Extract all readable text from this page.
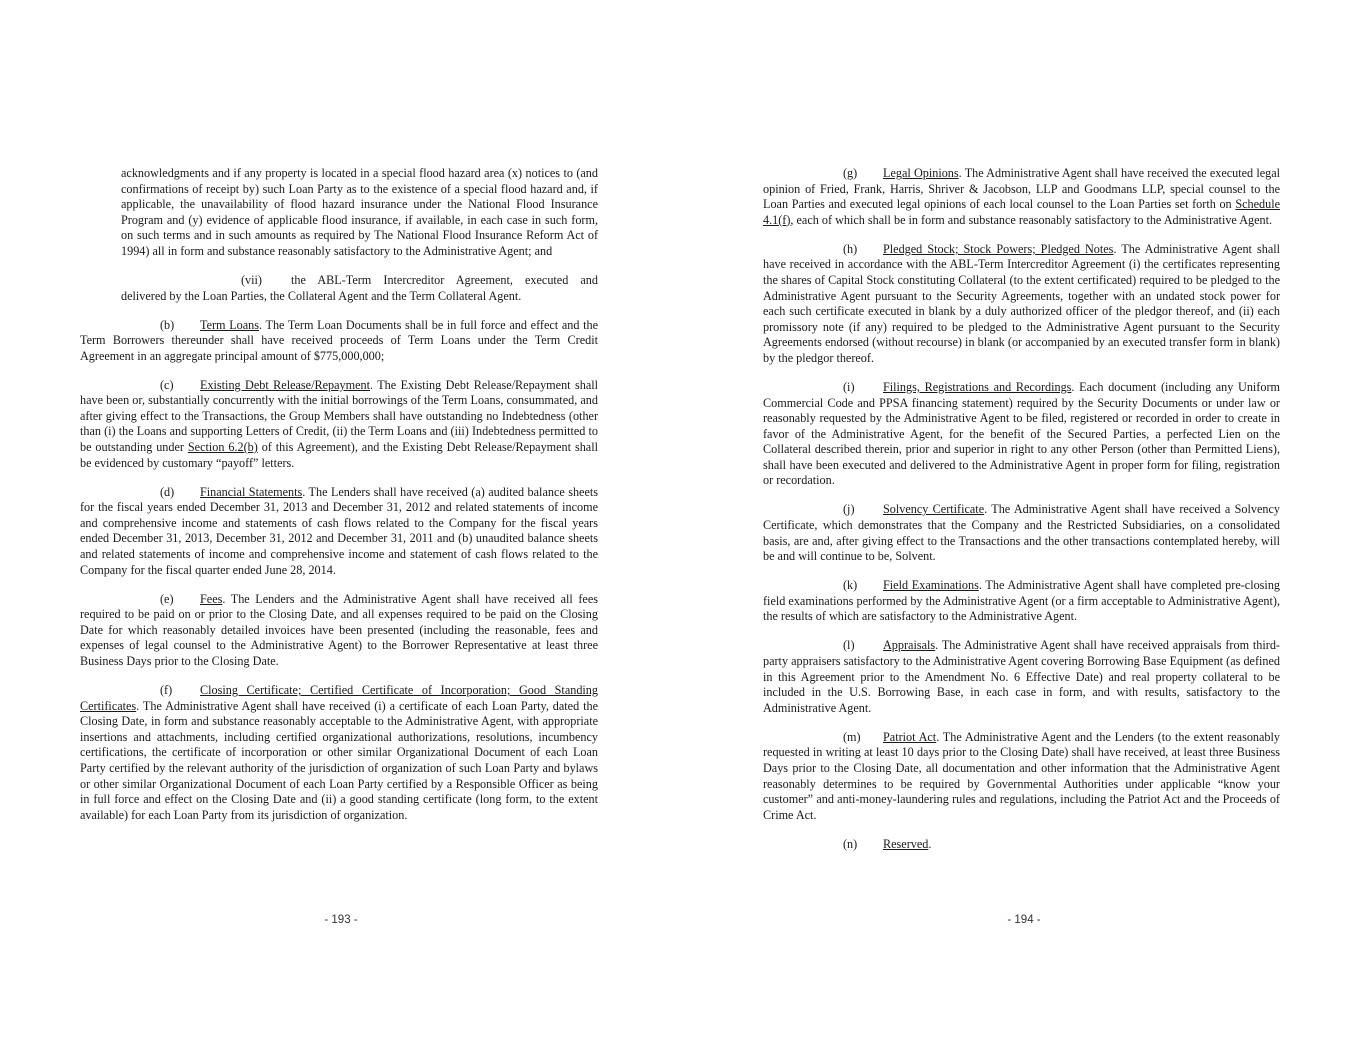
acknowledgments and if any property is located in a special flood hazard area (x) notices to (and confirmations of receipt by) such Loan Party as to the existence of a special flood hazard and, if applicable, the unavailability of flood hazard insurance under the National Flood Insurance Program and (y) evidence of applicable flood insurance, if available, in each case in such form, on such terms and in such amounts as required by The National Flood Insurance Reform Act of 1994) all in form and substance reasonably satisfactory to the Administrative Agent; and

(vii) the ABL-Term Intercreditor Agreement, executed and delivered by the Loan Parties, the Collateral Agent and the Term Collateral Agent.

(b) Term Loans. The Term Loan Documents shall be in full force and effect and the Term Borrowers thereunder shall have received proceeds of Term Loans under the Term Credit Agreement in an aggregate principal amount of $775,000,000;

(c) Existing Debt Release/Repayment. The Existing Debt Release/Repayment shall have been or, substantially concurrently with the initial borrowings of the Term Loans, consummated, and after giving effect to the Transactions, the Group Members shall have outstanding no Indebtedness (other than (i) the Loans and supporting Letters of Credit, (ii) the Term Loans and (iii) Indebtedness permitted to be outstanding under Section 6.2(b) of this Agreement), and the Existing Debt Release/Repayment shall be evidenced by customary “payoff” letters.

(d) Financial Statements. The Lenders shall have received (a) audited balance sheets for the fiscal years ended December 31, 2013 and December 31, 2012 and related statements of income and comprehensive income and statements of cash flows related to the Company for the fiscal years ended December 31, 2013, December 31, 2012 and December 31, 2011 and (b) unaudited balance sheets and related statements of income and comprehensive income and statement of cash flows related to the Company for the fiscal quarter ended June 28, 2014.

(e) Fees. The Lenders and the Administrative Agent shall have received all fees required to be paid on or prior to the Closing Date, and all expenses required to be paid on the Closing Date for which reasonably detailed invoices have been presented (including the reasonable, fees and expenses of legal counsel to the Administrative Agent) to the Borrower Representative at least three Business Days prior to the Closing Date.

(f) Closing Certificate; Certified Certificate of Incorporation; Good Standing Certificates. The Administrative Agent shall have received (i) a certificate of each Loan Party, dated the Closing Date, in form and substance reasonably acceptable to the Administrative Agent, with appropriate insertions and attachments, including certified organizational authorizations, resolutions, incumbency certifications, the certificate of incorporation or other similar Organizational Document of each Loan Party certified by the relevant authority of the jurisdiction of organization of such Loan Party and bylaws or other similar Organizational Document of each Loan Party certified by a Responsible Officer as being in full force and effect on the Closing Date and (ii) a good standing certificate (long form, to the extent available) for each Loan Party from its jurisdiction of organization.

- 193 -

(g) Legal Opinions. The Administrative Agent shall have received the executed legal opinion of Fried, Frank, Harris, Shriver & Jacobson, LLP and Goodmans LLP, special counsel to the Loan Parties and executed legal opinions of each local counsel to the Loan Parties set forth on Schedule 4.1(f), each of which shall be in form and substance reasonably satisfactory to the Administrative Agent.

(h) Pledged Stock; Stock Powers; Pledged Notes. The Administrative Agent shall have received in accordance with the ABL-Term Intercreditor Agreement (i) the certificates representing the shares of Capital Stock constituting Collateral (to the extent certificated) required to be pledged to the Administrative Agent pursuant to the Security Agreements, together with an undated stock power for each such certificate executed in blank by a duly authorized officer of the pledgor thereof, and (ii) each promissory note (if any) required to be pledged to the Administrative Agent pursuant to the Security Agreements endorsed (without recourse) in blank (or accompanied by an executed transfer form in blank) by the pledgor thereof.

(i) Filings, Registrations and Recordings. Each document (including any Uniform Commercial Code and PPSA financing statement) required by the Security Documents or under law or reasonably requested by the Administrative Agent to be filed, registered or recorded in order to create in favor of the Administrative Agent, for the benefit of the Secured Parties, a perfected Lien on the Collateral described therein, prior and superior in right to any other Person (other than Permitted Liens), shall have been executed and delivered to the Administrative Agent in proper form for filing, registration or recordation.

(j) Solvency Certificate. The Administrative Agent shall have received a Solvency Certificate, which demonstrates that the Company and the Restricted Subsidiaries, on a consolidated basis, are and, after giving effect to the Transactions and the other transactions contemplated hereby, will be and will continue to be, Solvent.

(k) Field Examinations. The Administrative Agent shall have completed pre-closing field examinations performed by the Administrative Agent (or a firm acceptable to Administrative Agent), the results of which are satisfactory to the Administrative Agent.

(l) Appraisals. The Administrative Agent shall have received appraisals from third-party appraisers satisfactory to the Administrative Agent covering Borrowing Base Equipment (as defined in this Agreement prior to the Amendment No. 6 Effective Date) and real property collateral to be included in the U.S. Borrowing Base, in each case in form, and with results, satisfactory to the Administrative Agent.

(m) Patriot Act. The Administrative Agent and the Lenders (to the extent reasonably requested in writing at least 10 days prior to the Closing Date) shall have received, at least three Business Days prior to the Closing Date, all documentation and other information that the Administrative Agent reasonably determines to be required by Governmental Authorities under applicable “know your customer” and anti-money-laundering rules and regulations, including the Patriot Act and the Proceeds of Crime Act.

(n) Reserved.

- 194 -
